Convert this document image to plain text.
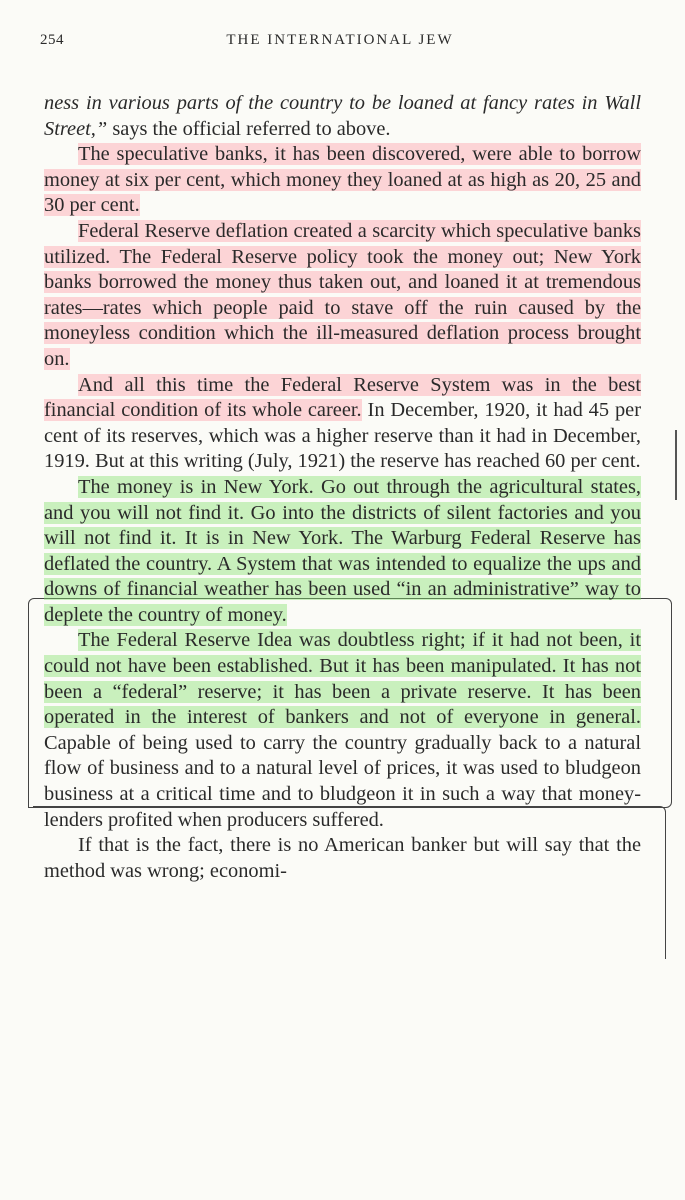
254	THE INTERNATIONAL JEW

ness in various parts of the country to be loaned at fancy rates in Wall Street,” says the official referred to above.

The speculative banks, it has been discovered, were able to borrow money at six per cent, which money they loaned at as high as 20, 25 and 30 per cent.

Federal Reserve deflation created a scarcity which speculative banks utilized. The Federal Reserve policy took the money out; New York banks borrowed the money thus taken out, and loaned it at tremendous rates—rates which people paid to stave off the ruin caused by the moneyless condition which the ill-measured deflation process brought on.

And all this time the Federal Reserve System was in the best financial condition of its whole career. In December, 1920, it had 45 per cent of its reserves, which was a higher reserve than it had in December, 1919. But at this writing (July, 1921) the reserve has reached 60 per cent.

The money is in New York. Go out through the agricultural states, and you will not find it. Go into the districts of silent factories and you will not find it. It is in New York. The Warburg Federal Reserve has deflated the country. A System that was intended to equalize the ups and downs of financial weather has been used “in an administrative” way to deplete the country of money.

The Federal Reserve Idea was doubtless right; if it had not been, it could not have been established. But it has been manipulated. It has not been a “federal” reserve; it has been a private reserve. It has been operated in the interest of bankers and not of everyone in general. Capable of being used to carry the country gradually back to a natural flow of business and to a natural level of prices, it was used to bludgeon business at a critical time and to bludgeon it in such a way that money-lenders profited when producers suffered.

If that is the fact, there is no American banker but will say that the method was wrong; economi-
